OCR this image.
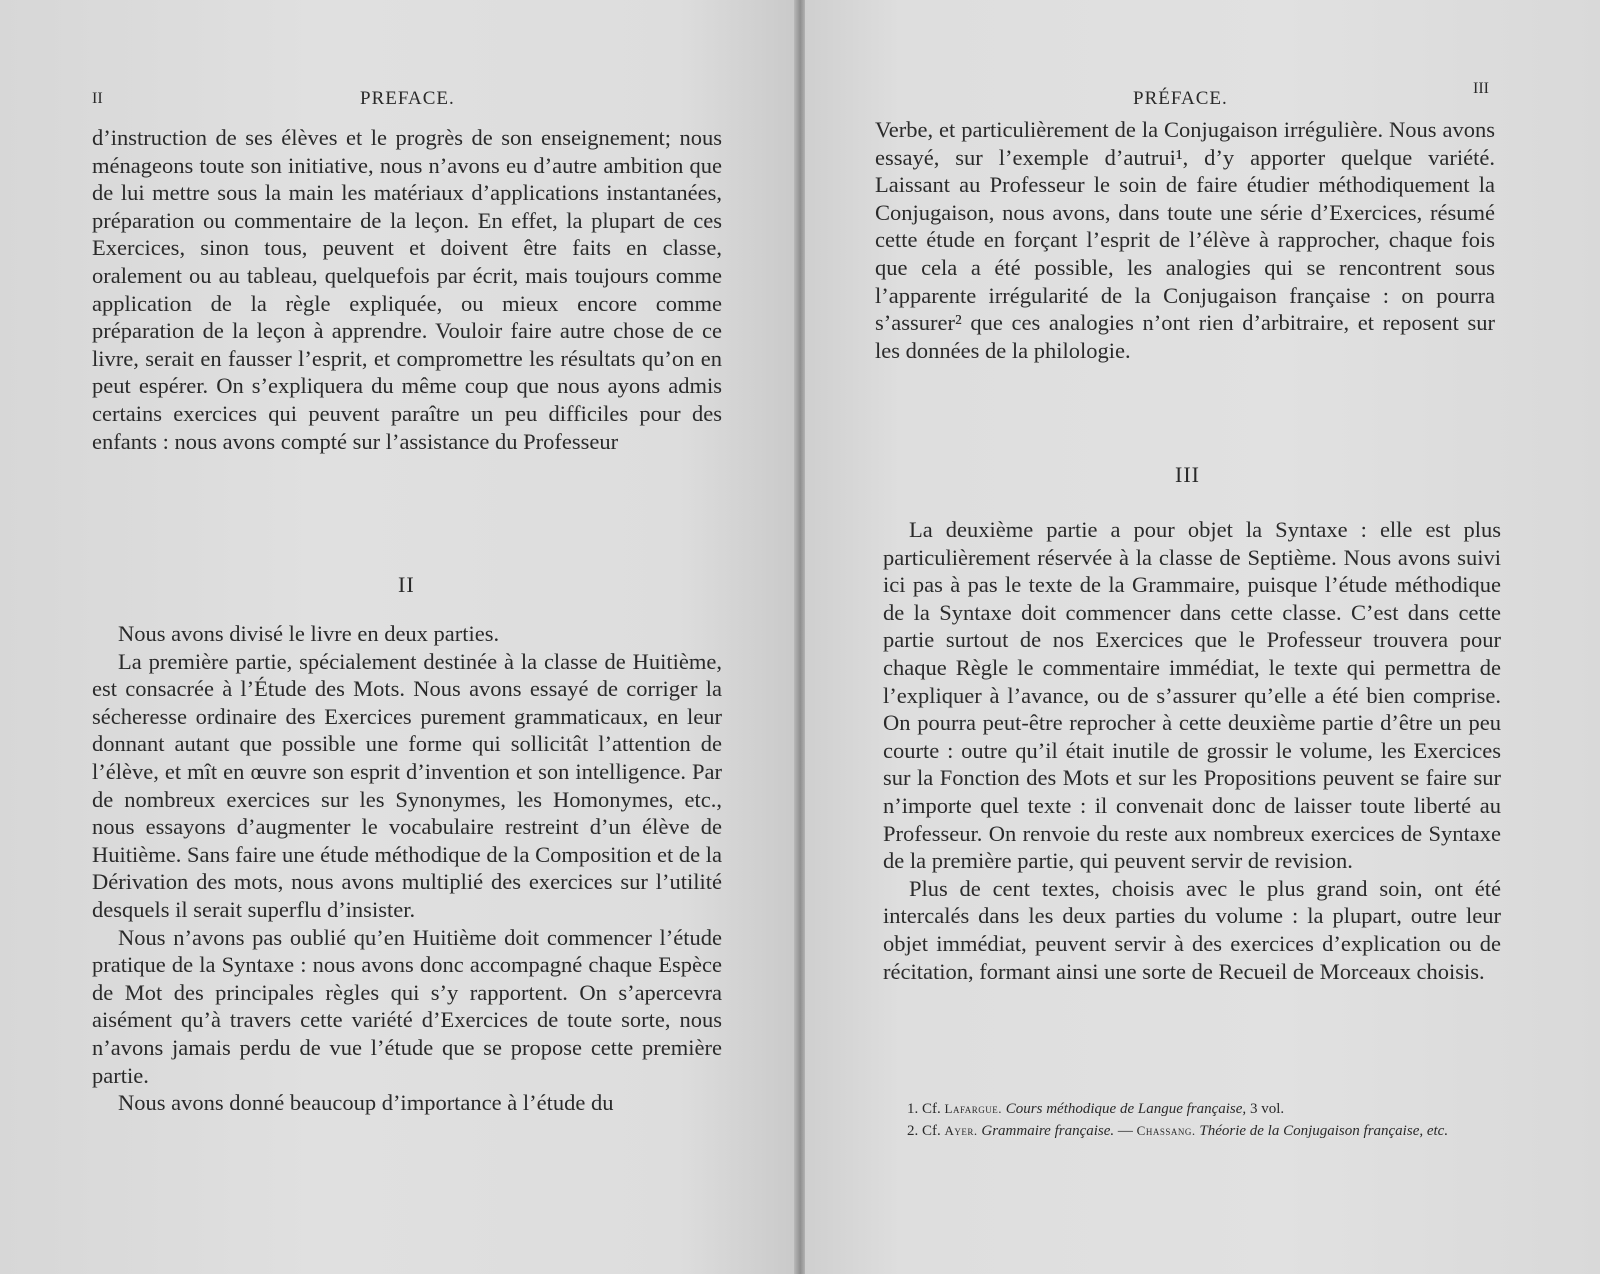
II	PREFACE.

d’instruction de ses élèves et le progrès de son enseignement; nous ménageons toute son initiative, nous n’avons eu d’autre ambition que de lui mettre sous la main les matériaux d’applications instantanées, préparation ou commentaire de la leçon. En effet, la plupart de ces Exercices, sinon tous, peuvent et doivent être faits en classe, oralement ou au tableau, quelquefois par écrit, mais toujours comme application de la règle expliquée, ou mieux encore comme préparation de la leçon à apprendre. Vouloir faire autre chose de ce livre, serait en fausser l’esprit, et compromettre les résultats qu’on en peut espérer. On s’expliquera du même coup que nous ayons admis certains exercices qui peuvent paraître un peu difficiles pour des enfants : nous avons compté sur l’assistance du Professeur

II

Nous avons divisé le livre en deux parties.

La première partie, spécialement destinée à la classe de Huitième, est consacrée à l’Étude des Mots. Nous avons essayé de corriger la sécheresse ordinaire des Exercices purement grammaticaux, en leur donnant autant que possible une forme qui sollicitât l’attention de l’élève, et mît en œuvre son esprit d’invention et son intelligence. Par de nombreux exercices sur les Synonymes, les Homonymes, etc., nous essayons d’augmenter le vocabulaire restreint d’un élève de Huitième. Sans faire une étude méthodique de la Composition et de la Dérivation des mots, nous avons multiplié des exercices sur l’utilité desquels il serait superflu d’insister.

Nous n’avons pas oublié qu’en Huitième doit commencer l’étude pratique de la Syntaxe : nous avons donc accompagné chaque Espèce de Mot des principales règles qui s’y rapportent. On s’apercevra aisément qu’à travers cette variété d’Exercices de toute sorte, nous n’avons jamais perdu de vue l’étude que se propose cette première partie.

Nous avons donné beaucoup d’importance à l’étude du

PRÉFACE.	III

Verbe, et particulièrement de la Conjugaison irrégulière. Nous avons essayé, sur l’exemple d’autrui¹, d’y apporter quelque variété. Laissant au Professeur le soin de faire étudier méthodiquement la Conjugaison, nous avons, dans toute une série d’Exercices, résumé cette étude en forçant l’esprit de l’élève à rapprocher, chaque fois que cela a été possible, les analogies qui se rencontrent sous l’apparente irrégularité de la Conjugaison française : on pourra s’assurer² que ces analogies n’ont rien d’arbitraire, et reposent sur les données de la philologie.

III

La deuxième partie a pour objet la Syntaxe : elle est plus particulièrement réservée à la classe de Septième. Nous avons suivi ici pas à pas le texte de la Grammaire, puisque l’étude méthodique de la Syntaxe doit commencer dans cette classe. C’est dans cette partie surtout de nos Exercices que le Professeur trouvera pour chaque Règle le commentaire immédiat, le texte qui permettra de l’expliquer à l’avance, ou de s’assurer qu’elle a été bien comprise. On pourra peut-être reprocher à cette deuxième partie d’être un peu courte : outre qu’il était inutile de grossir le volume, les Exercices sur la Fonction des Mots et sur les Propositions peuvent se faire sur n’importe quel texte : il convenait donc de laisser toute liberté au Professeur. On renvoie du reste aux nombreux exercices de Syntaxe de la première partie, qui peuvent servir de revision.

Plus de cent textes, choisis avec le plus grand soin, ont été intercalés dans les deux parties du volume : la plupart, outre leur objet immédiat, peuvent servir à des exercices d’explication ou de récitation, formant ainsi une sorte de Recueil de Morceaux choisis.

1. Cf. Lafargue. Cours méthodique de Langue française, 3 vol.

2. Cf. Ayer. Grammaire française. — Chassang. Théorie de la Conjugaison française, etc.
